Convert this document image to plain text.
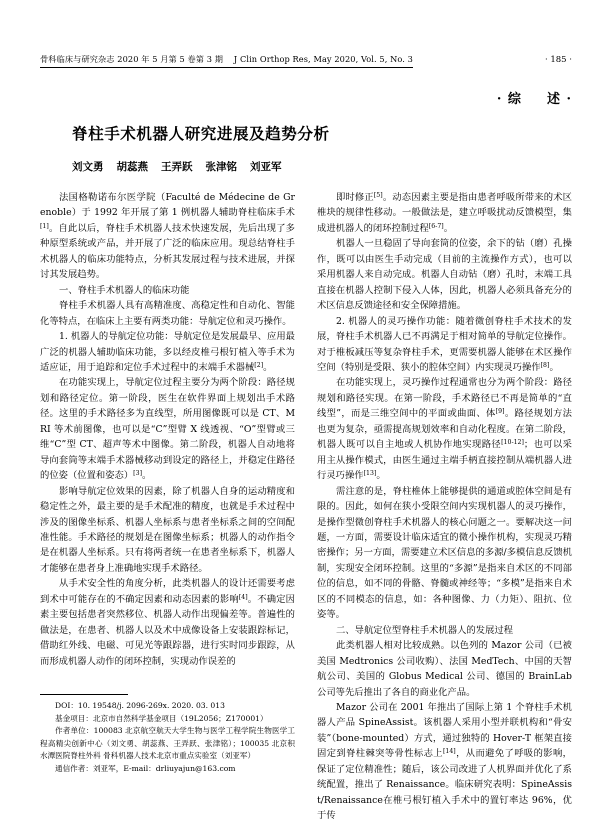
骨科临床与研究杂志 2020 年 5 月第 5 卷第 3 期 J Clin Orthop Res, May 2020, Vol. 5, No. 3	· 185 ·
· 综 述 ·
脊柱手术机器人研究进展及趋势分析
刘文勇 胡蕊燕 王弄跃 张津铭 刘亚军

法国格勒诺布尔医学院（Faculté de Médecine de Grenoble）于 1992 年开展了第 1 例机器人辅助脊柱临床手术[1]。自此以后，脊柱手术机器人技术快速发展，先后出现了多种原型系统或产品，并开展了广泛的临床应用。现总结脊柱手术机器人的临床功能特点，分析其发展过程与技术进展，并探讨其发展趋势。

一、脊柱手术机器人的临床功能

脊柱手术机器人具有高精准度、高稳定性和自动化、智能化等特点，在临床上主要有两类功能：导航定位和灵巧操作。

1. 机器人的导航定位功能：导航定位是发展最早、应用最广泛的机器人辅助临床功能，多以经皮椎弓根钉植入等手术为适应证，用于追踪和定位手术过程中的末端手术器械[2]。

在功能实现上，导航定位过程主要分为两个阶段：路径规划和路径定位。第一阶段，医生在软件界面上规划出手术路径。这里的手术路径多为直线型，所用图像既可以是 CT、MRI 等术前图像，也可以是“C”型臂 X 线透视、“O”型臂或三维“C”型 CT、超声等术中图像。第二阶段，机器人自动地将导向套筒等末端手术器械移动到设定的路径上，并稳定住路径的位姿（位置和姿态）[3]。

影响导航定位效果的因素，除了机器人自身的运动精度和稳定性之外，最主要的是手术配准的精度，也就是手术过程中涉及的图像坐标系、机器人坐标系与患者坐标系之间的空间配准性能。手术路径的规划是在图像坐标系；机器人的动作指令是在机器人坐标系。只有将两者统一在患者坐标系下，机器人才能够在患者身上准确地实现手术路径。

从手术安全性的角度分析，此类机器人的设计还需要考虑到术中可能存在的不确定因素和动态因素的影响[4]。不确定因素主要包括患者突然移位、机器人动作出现偏差等。普遍性的做法是，在患者、机器人以及术中成像设备上安装跟踪标记，借助红外线、电磁、可见光等跟踪器，进行实时同步跟踪，从而形成机器人动作的闭环控制，实现动作误差的

即时修正[5]。动态因素主要是指由患者呼吸所带来的术区椎块的规律性移动。一般做法是，建立呼吸扰动反馈模型，集成进机器人的闭环控制过程[6-7]。

机器人一旦稳固了导向套筒的位姿，余下的钻（磨）孔操作，既可以由医生手动完成（目前的主流操作方式），也可以采用机器人来自动完成。机器人自动钻（磨）孔时，末端工具直接在机器人控制下侵入人体，因此，机器人必须具备充分的术区信息反馈途径和安全保障措施。

2. 机器人的灵巧操作功能：随着微创脊柱手术技术的发展，脊柱手术机器人已不再满足于相对简单的导航定位操作。对于椎板减压等复杂脊柱手术，更需要机器人能够在术区操作空间（特别是受限、狭小的腔体空间）内实现灵巧操作[8]。

在功能实现上，灵巧操作过程通常也分为两个阶段：路径规划和路径实现。在第一阶段，手术路径已不再是简单的“直线型”，而是三维空间中的平面或曲面、体[9]。路径规划方法也更为复杂，亟需提高规划效率和自动化程度。在第二阶段，机器人既可以自主地或人机协作地实现路径[10-12]；也可以采用主从操作模式，由医生通过主端手柄直接控制从端机器人进行灵巧操作[13]。

需注意的是，脊柱椎体上能够提供的通道或腔体空间是有限的。因此，如何在狭小受限空间内实现机器人的灵巧操作，是操作型微创脊柱手术机器人的核心问题之一。要解决这一问题，一方面，需要设计临床适宜的微小操作机构，实现灵巧精密操作；另一方面，需要建立术区信息的多源/多模信息反馈机制，实现安全闭环控制。这里的“多源”是指来自术区的不同部位的信息，如不同的骨骼、脊髓或神经等；“多模”是指来自术区的不同模态的信息，如：各种图像、力（力矩）、阻抗、位姿等。

二、导航定位型脊柱手术机器人的发展过程

此类机器人相对比较成熟。以色列的 Mazor 公司（已被美国 Medtronics 公司收购）、法国 MedTech、中国的天智航公司、美国的 Globus Medical 公司、德国的 BrainLab 公司等先后推出了各自的商业化产品。

Mazor 公司在 2001 年推出了国际上第 1 个脊柱手术机器人产品 SpineAssist。该机器人采用小型并联机构和“骨安装”（bone-mounted）方式，通过独特的 Hover-T 框架直接固定到脊柱棘突等骨性标志上[14]，从而避免了呼吸的影响，保证了定位精准性；随后，该公司改进了人机界面并优化了系统配置，推出了 Renaissance。临床研究表明：SpineAssist/Renaissance在椎弓根钉植入手术中的置钉率达 96%，优于传

DOI：10. 19548/j. 2096-269x. 2020. 03. 013

基金项目：北京市自然科学基金项目（19L2056；Z170001）

作者单位：100083 北京航空航天大学生物与医学工程学院生物医学工程高精尖创新中心（刘文勇、胡蕊燕、王弄跃、张津铭）；100035 北京积水潭医院脊柱外科 骨科机器人技术北京市重点实验室（刘亚军）

通信作者：刘亚军，E-mail：drliuyajun@163.com
